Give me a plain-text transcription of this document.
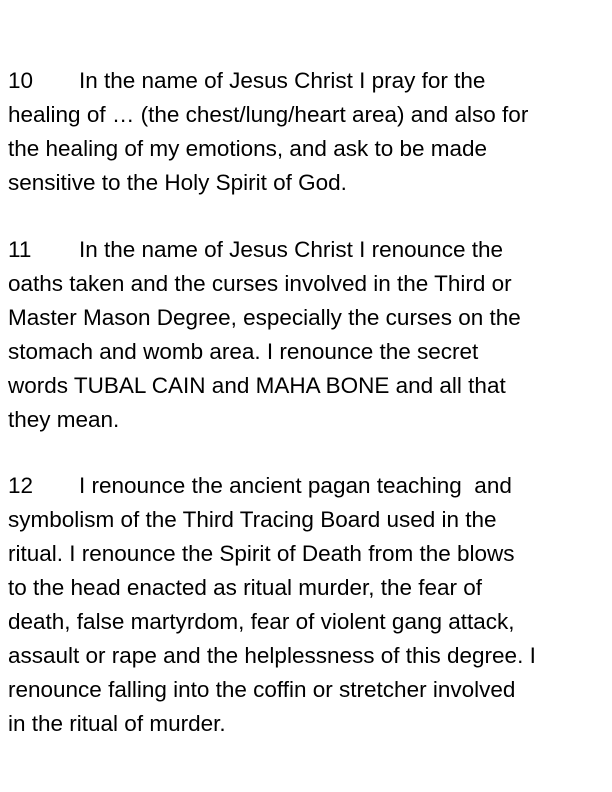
10 In the name of Jesus Christ I pray for the
healing of … (the chest/lung/heart area) and also for
the healing of my emotions, and ask to be made
sensitive to the Holy Spirit of God.
11 In the name of Jesus Christ I renounce the
oaths taken and the curses involved in the Third or
Master Mason Degree, especially the curses on the
stomach and womb area. I renounce the secret
words TUBAL CAIN and MAHA BONE and all that
they mean.
12 I renounce the ancient pagan teaching  and
symbolism of the Third Tracing Board used in the
ritual. I renounce the Spirit of Death from the blows
to the head enacted as ritual murder, the fear of
death, false martyrdom, fear of violent gang attack,
assault or rape and the helplessness of this degree. I
renounce falling into the coffin or stretcher involved
in the ritual of murder.
